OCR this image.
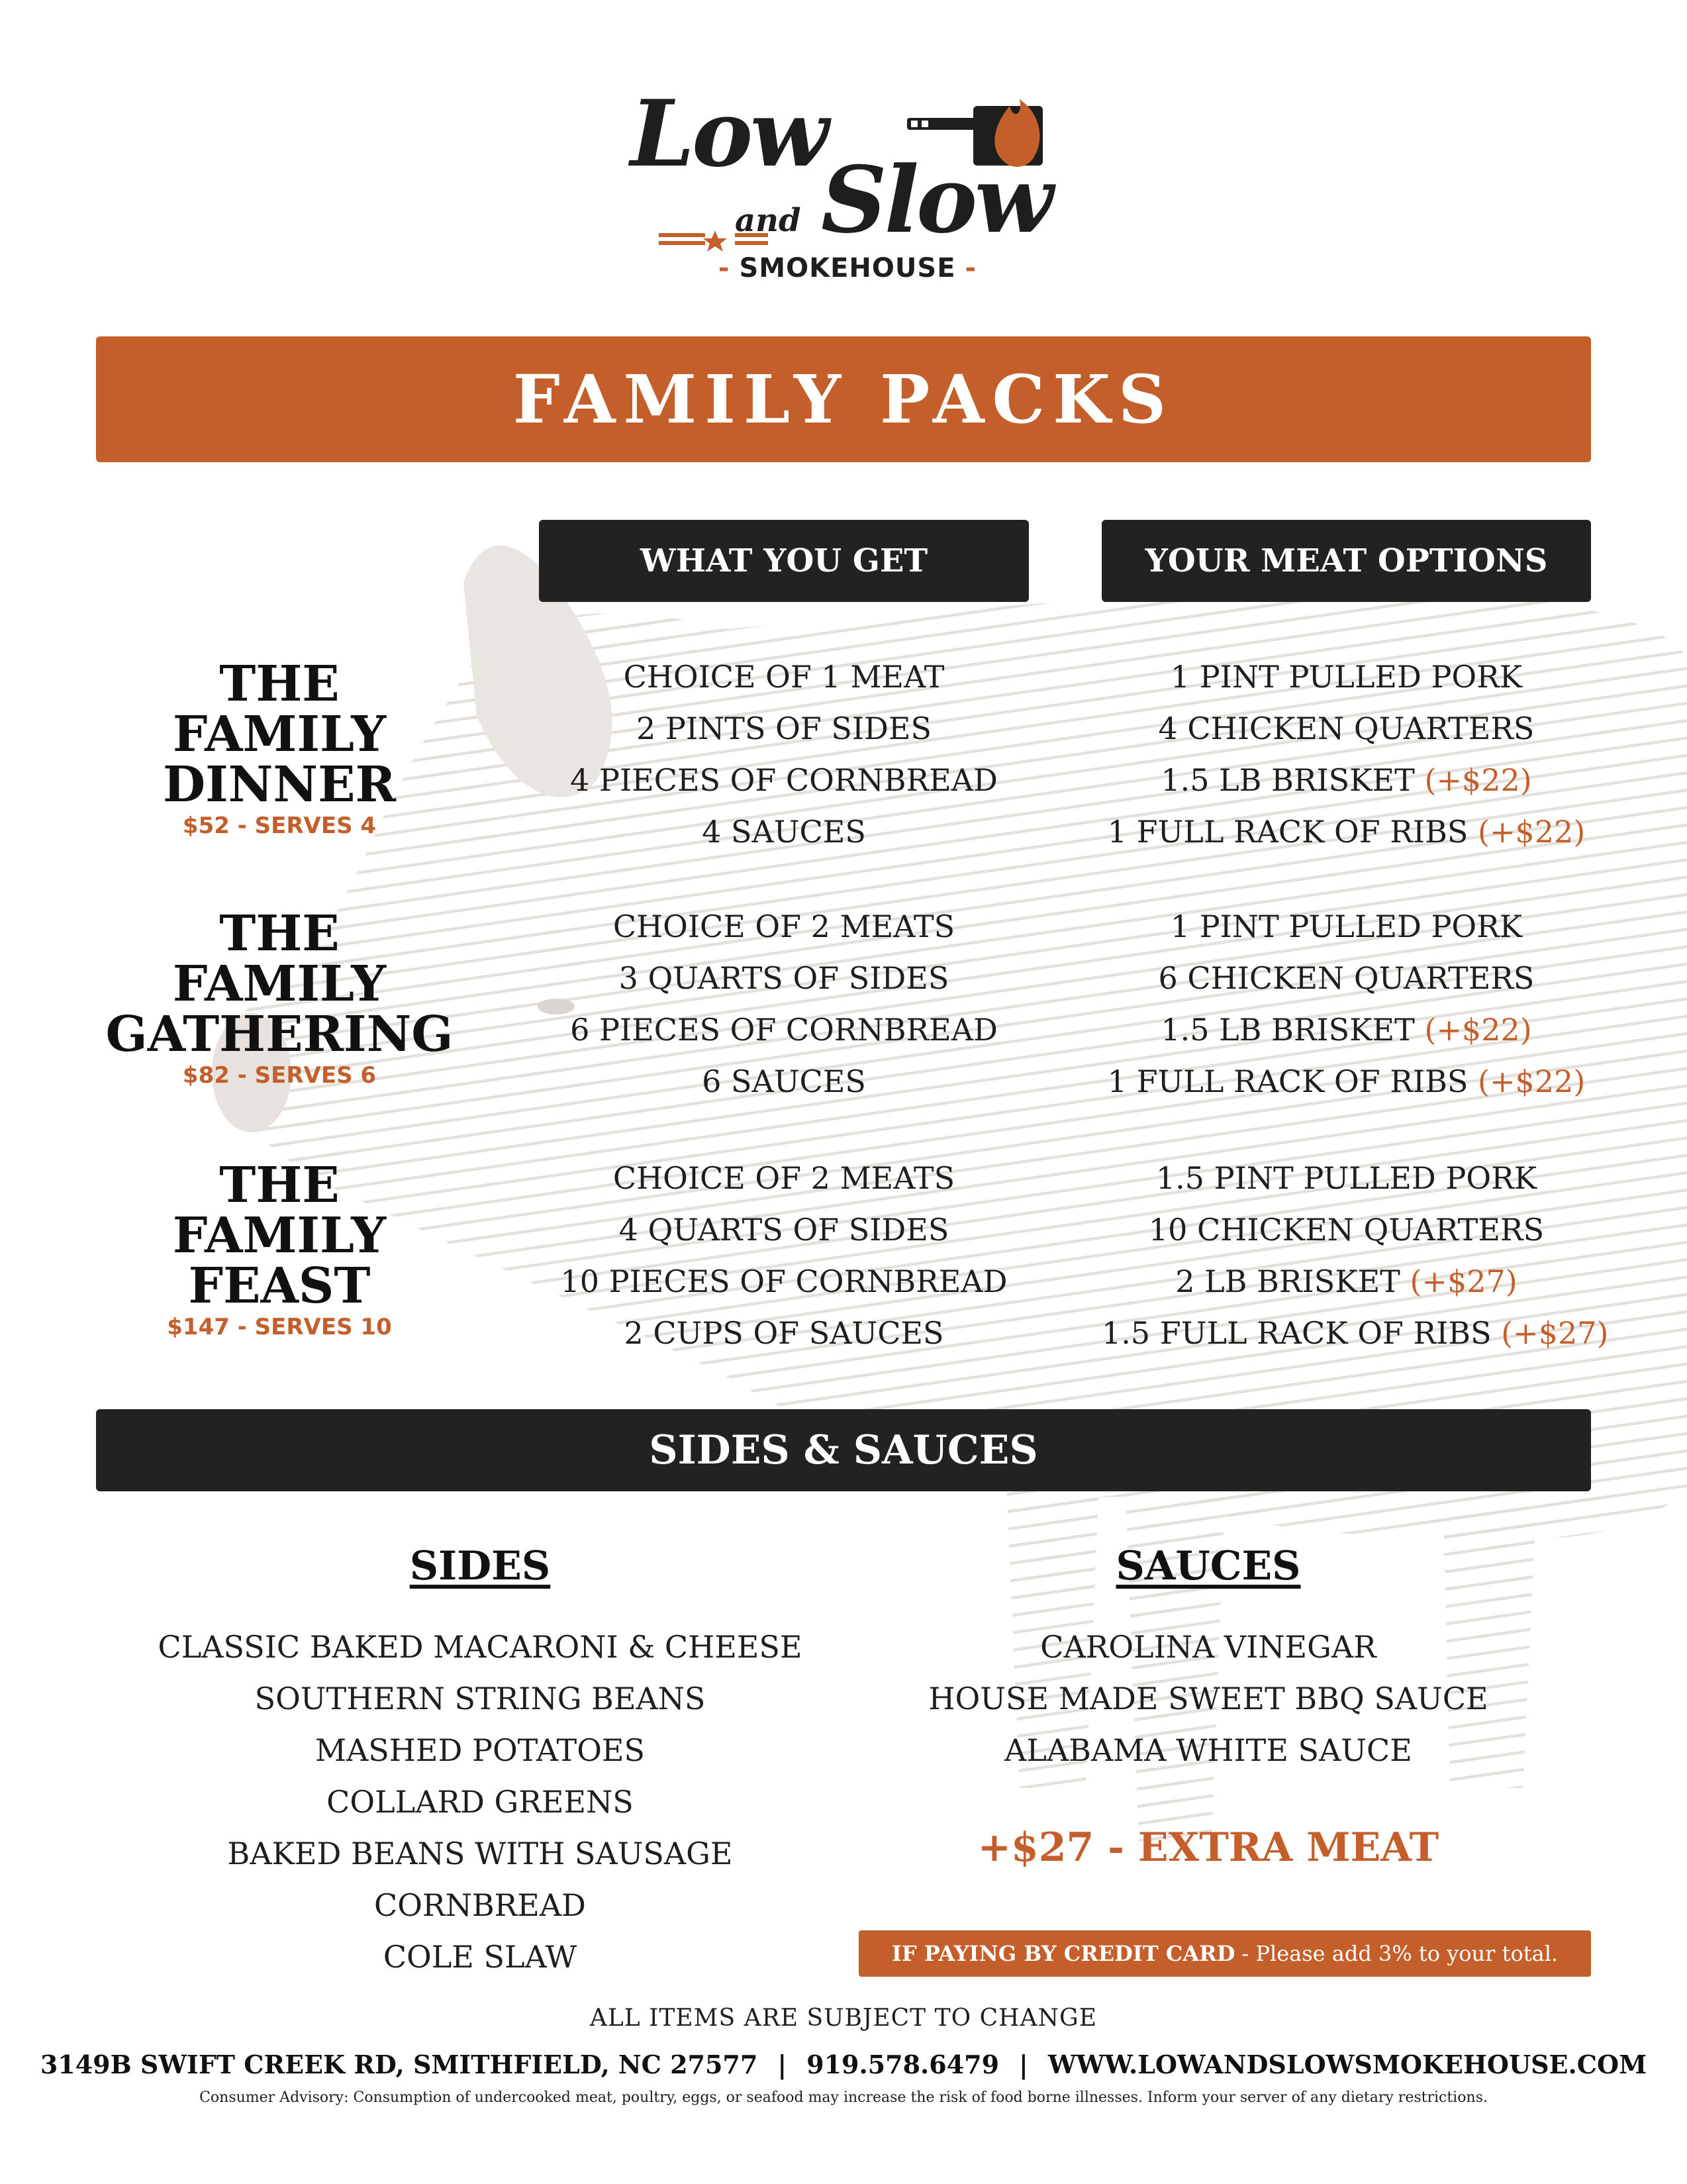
Low
and Slow
- SMOKEHOUSE -
FAMILY PACKS
WHAT YOU GET	YOUR MEAT OPTIONS
THE
FAMILY
DINNER
$52 - SERVES 4
CHOICE OF 1 MEAT
2 PINTS OF SIDES
4 PIECES OF CORNBREAD
4 SAUCES
1 PINT PULLED PORK
4 CHICKEN QUARTERS
1.5 LB BRISKET (+$22)
1 FULL RACK OF RIBS (+$22)
THE
FAMILY
GATHERING
$82 - SERVES 6
CHOICE OF 2 MEATS
3 QUARTS OF SIDES
6 PIECES OF CORNBREAD
6 SAUCES
1 PINT PULLED PORK
6 CHICKEN QUARTERS
1.5 LB BRISKET (+$22)
1 FULL RACK OF RIBS (+$22)
THE
FAMILY
FEAST
$147 - SERVES 10
CHOICE OF 2 MEATS
4 QUARTS OF SIDES
10 PIECES OF CORNBREAD
2 CUPS OF SAUCES
1.5 PINT PULLED PORK
10 CHICKEN QUARTERS
2 LB BRISKET (+$27)
1.5 FULL RACK OF RIBS (+$27)
SIDES & SAUCES
SIDES	SAUCES
CLASSIC BAKED MACARONI & CHEESE
SOUTHERN STRING BEANS
MASHED POTATOES
COLLARD GREENS
BAKED BEANS WITH SAUSAGE
CORNBREAD
COLE SLAW
CAROLINA VINEGAR
HOUSE MADE SWEET BBQ SAUCE
ALABAMA WHITE SAUCE
+$27 - EXTRA MEAT
IF PAYING BY CREDIT CARD - Please add 3% to your total.
ALL ITEMS ARE SUBJECT TO CHANGE
3149B SWIFT CREEK RD, SMITHFIELD, NC 27577 | 919.578.6479 | WWW.LOWANDSLOWSMOKEHOUSE.COM
Consumer Advisory: Consumption of undercooked meat, poultry, eggs, or seafood may increase the risk of food borne illnesses. Inform your server of any dietary restrictions.
